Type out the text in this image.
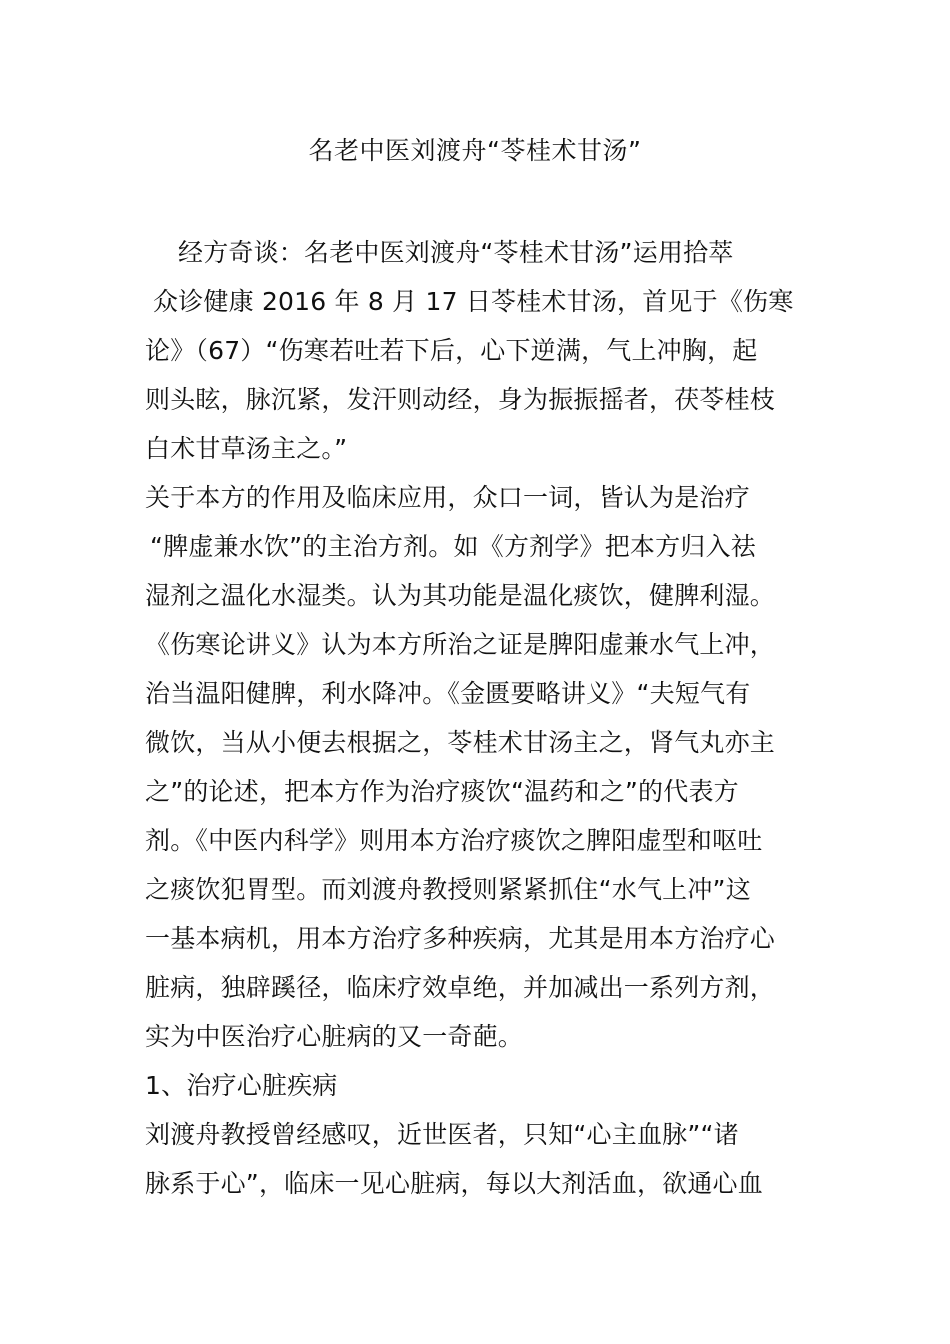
名老中医刘渡舟“苓桂术甘汤”
经方奇谈：名老中医刘渡舟“苓桂术甘汤”运用拾萃
众诊健康 2016 年 8 月 17 日苓桂术甘汤，首见于《伤寒
论》（67）“伤寒若吐若下后，心下逆满，气上冲胸，起
则头眩，脉沉紧，发汗则动经，身为振振摇者，茯苓桂枝
白术甘草汤主之。”
关于本方的作用及临床应用，众口一词，皆认为是治疗
“脾虚兼水饮”的主治方剂。如《方剂学》把本方归入祛
湿剂之温化水湿类。认为其功能是温化痰饮，健脾利湿。
《伤寒论讲义》认为本方所治之证是脾阳虚兼水气上冲，
治当温阳健脾，利水降冲。《金匮要略讲义》“夫短气有
微饮，当从小便去根据之，苓桂术甘汤主之，肾气丸亦主
之”的论述，把本方作为治疗痰饮“温药和之”的代表方
剂。《中医内科学》则用本方治疗痰饮之脾阳虚型和呕吐
之痰饮犯胃型。而刘渡舟教授则紧紧抓住“水气上冲”这
一基本病机，用本方治疗多种疾病，尤其是用本方治疗心
脏病，独辟蹊径，临床疗效卓绝，并加减出一系列方剂，
实为中医治疗心脏病的又一奇葩。
1、治疗心脏疾病
刘渡舟教授曾经感叹，近世医者，只知“心主血脉”“诸
脉系于心”，临床一见心脏病，每以大剂活血，欲通心血
